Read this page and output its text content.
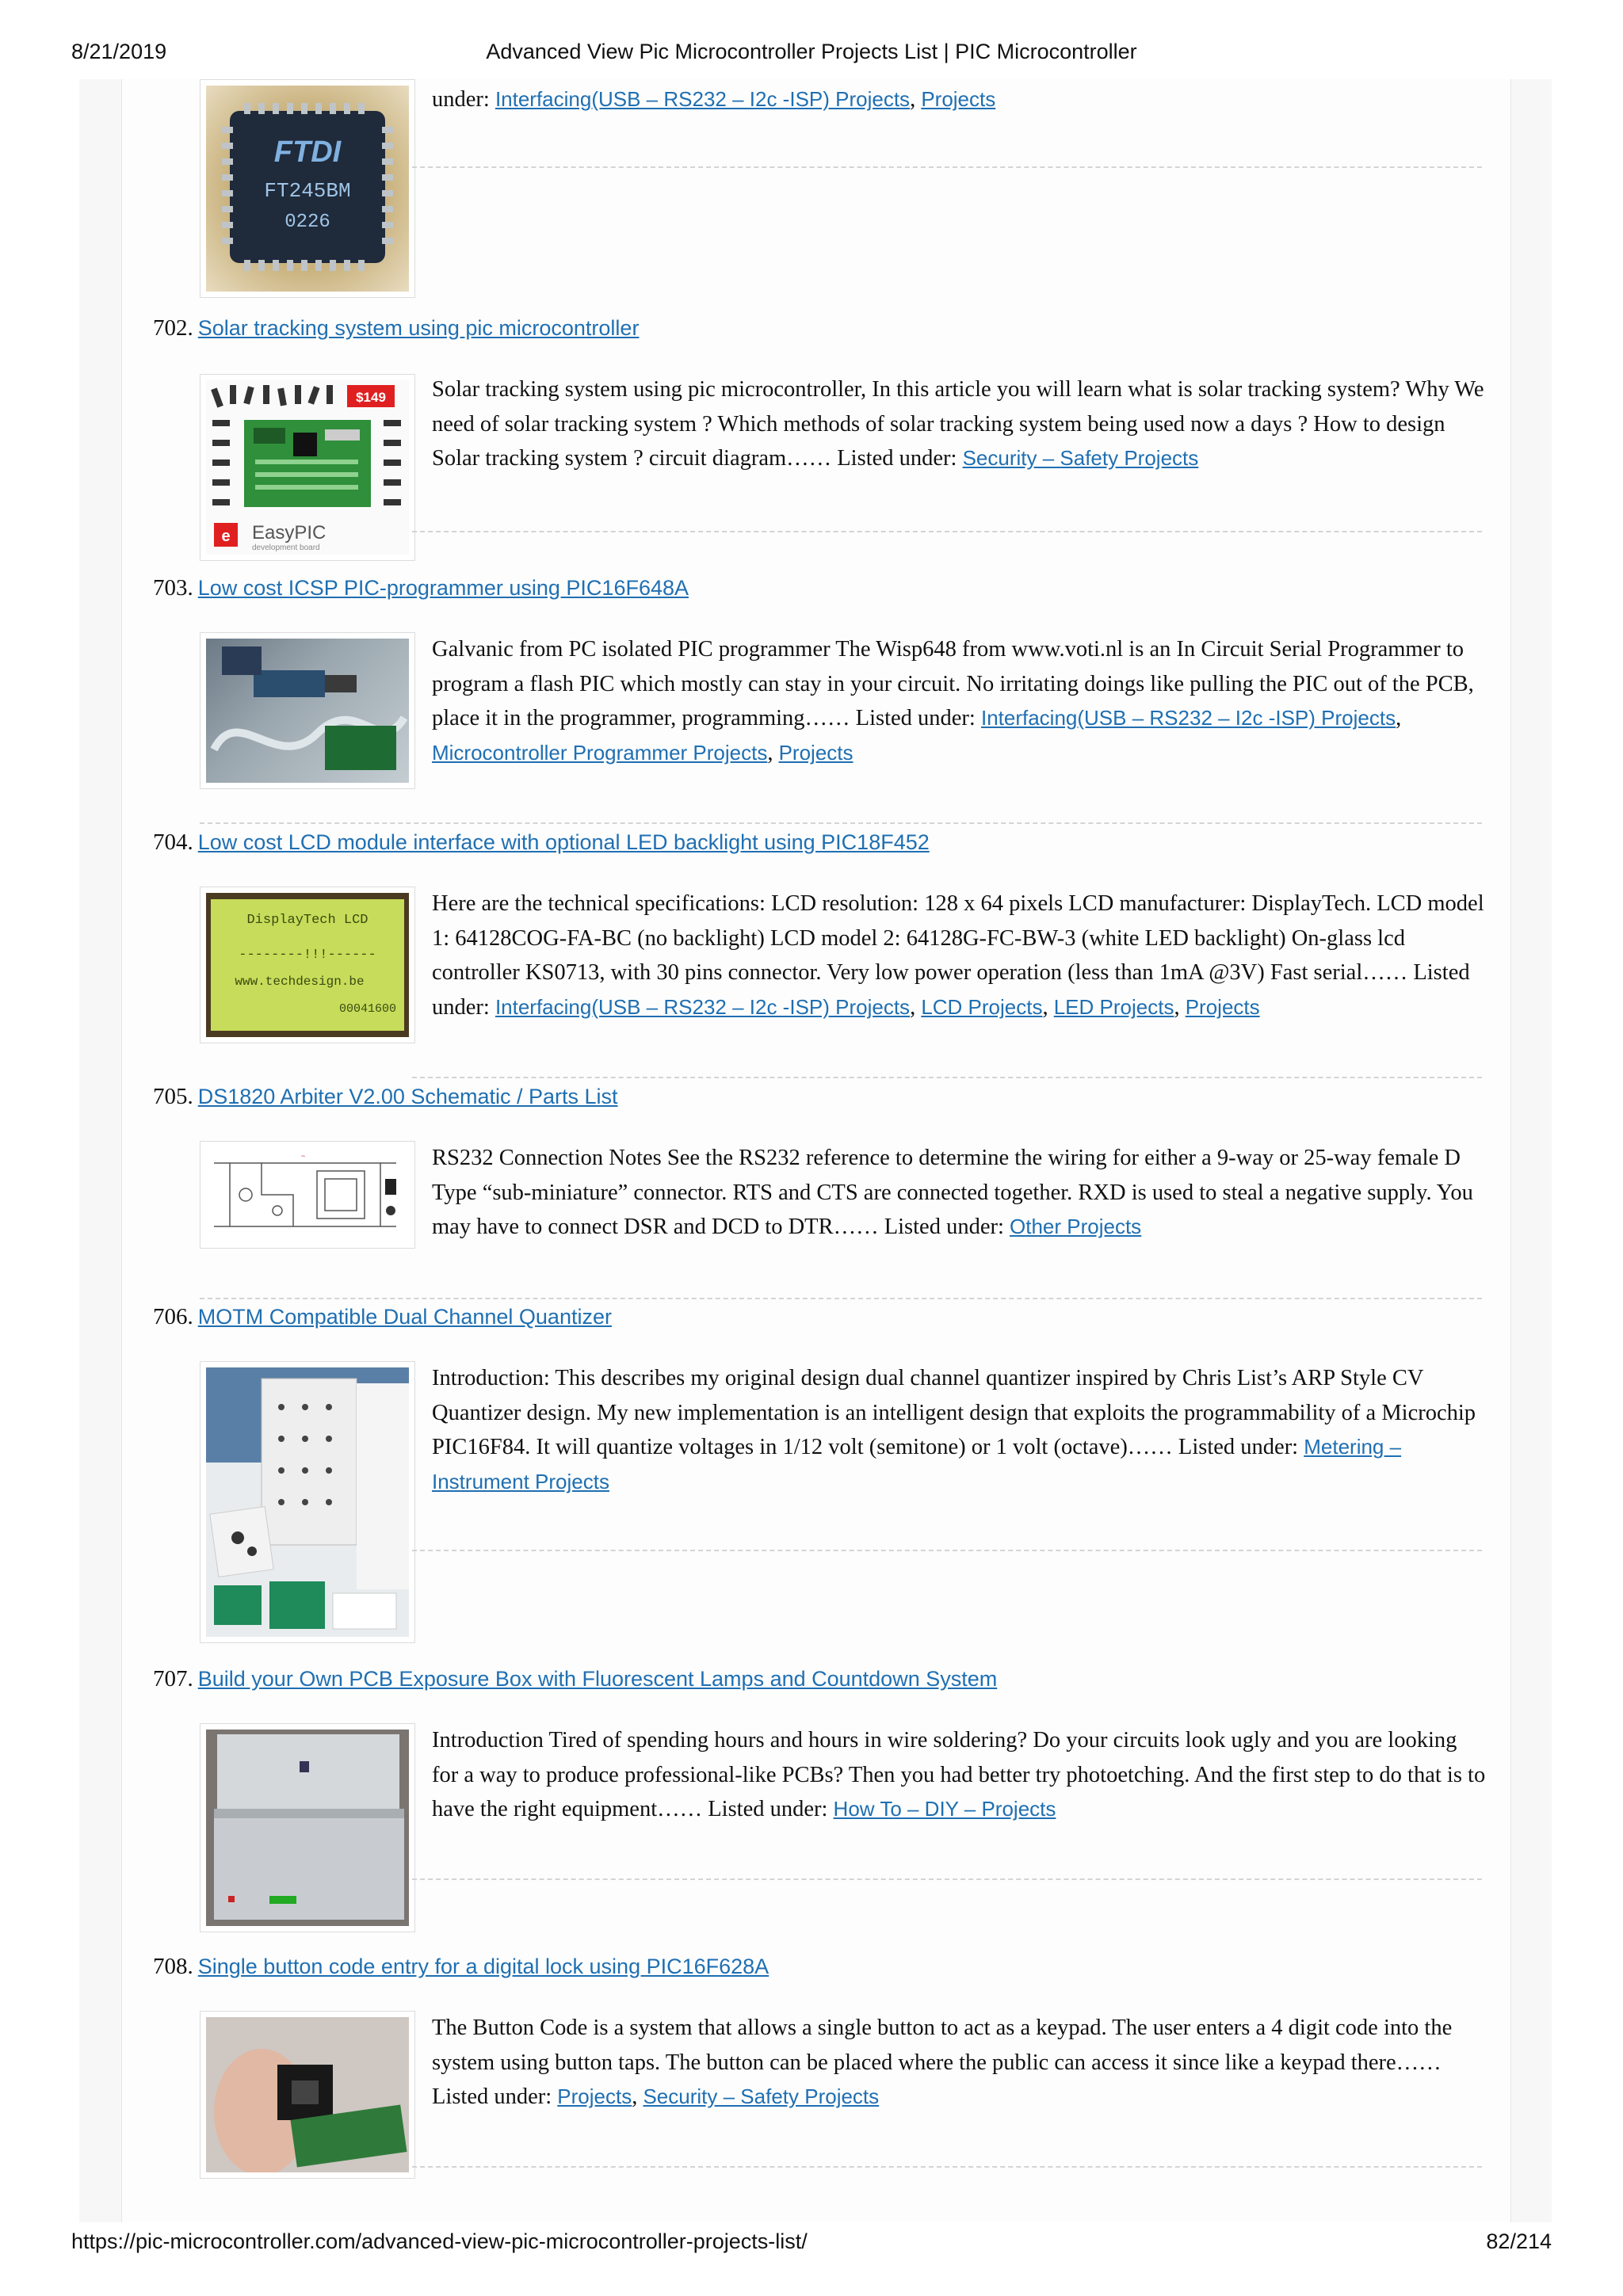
8/21/2019	Advanced View Pic Microcontroller Projects List | PIC Microcontroller
FTDI
FT245BM
0226
under: Interfacing(USB – RS232 – I2c -ISP) Projects, Projects
702. Solar tracking system using pic microcontroller
$149
e EasyPIC
development board
Solar tracking system using pic microcontroller, In this article you will learn what is solar tracking system? Why We need of solar tracking system ? Which methods of solar tracking system being used now a days ? How to design Solar tracking system ? circuit diagram…… Listed under: Security – Safety Projects
703. Low cost ICSP PIC-programmer using PIC16F648A
Galvanic from PC isolated PIC programmer The Wisp648 from www.voti.nl is an In Circuit Serial Programmer to program a flash PIC which mostly can stay in your circuit. No irritating doings like pulling the PIC out of the PCB, place it in the programmer, programming…… Listed under: Interfacing(USB – RS232 – I2c -ISP) Projects, Microcontroller Programmer Projects, Projects
704. Low cost LCD module interface with optional LED backlight using PIC18F452
DisplayTech LCD
--------!!!------
www.techdesign.be
00041600
Here are the technical specifications: LCD resolution: 128 x 64 pixels LCD manufacturer: DisplayTech. LCD model 1: 64128COG-FA-BC (no backlight) LCD model 2: 64128G-FC-BW-3 (white LED backlight) On-glass lcd controller KS0713, with 30 pins connector. Very low power operation (less than 1mA @3V) Fast serial…… Listed under: Interfacing(USB – RS232 – I2c -ISP) Projects, LCD Projects, LED Projects, Projects
705. DS1820 Arbiter V2.00 Schematic / Parts List
~	RS232 Connection Notes See the RS232 reference to determine the wiring for either a 9-way or 25-way female D Type “sub-miniature” connector. RTS and CTS are connected together. RXD is used to steal a negative supply. You may have to connect DSR and DCD to DTR…… Listed under: Other Projects
706. MOTM Compatible Dual Channel Quantizer
Introduction: This describes my original design dual channel quantizer inspired by Chris List’s ARP Style CV Quantizer design. My new implementation is an intelligent design that exploits the programmability of a Microchip PIC16F84. It will quantize voltages in 1/12 volt (semitone) or 1 volt (octave)…… Listed under: Metering – Instrument Projects
707. Build your Own PCB Exposure Box with Fluorescent Lamps and Countdown System
Introduction Tired of spending hours and hours in wire soldering? Do your circuits look ugly and you are looking for a way to produce professional-like PCBs? Then you had better try photoetching. And the first step to do that is to have the right equipment…… Listed under: How To – DIY – Projects
708. Single button code entry for a digital lock using PIC16F628A
The Button Code is a system that allows a single button to act as a keypad. The user enters a 4 digit code into the system using button taps. The button can be placed where the public can access it since like a keypad there…… Listed under: Projects, Security – Safety Projects
https://pic-microcontroller.com/advanced-view-pic-microcontroller-projects-list/	82/214
